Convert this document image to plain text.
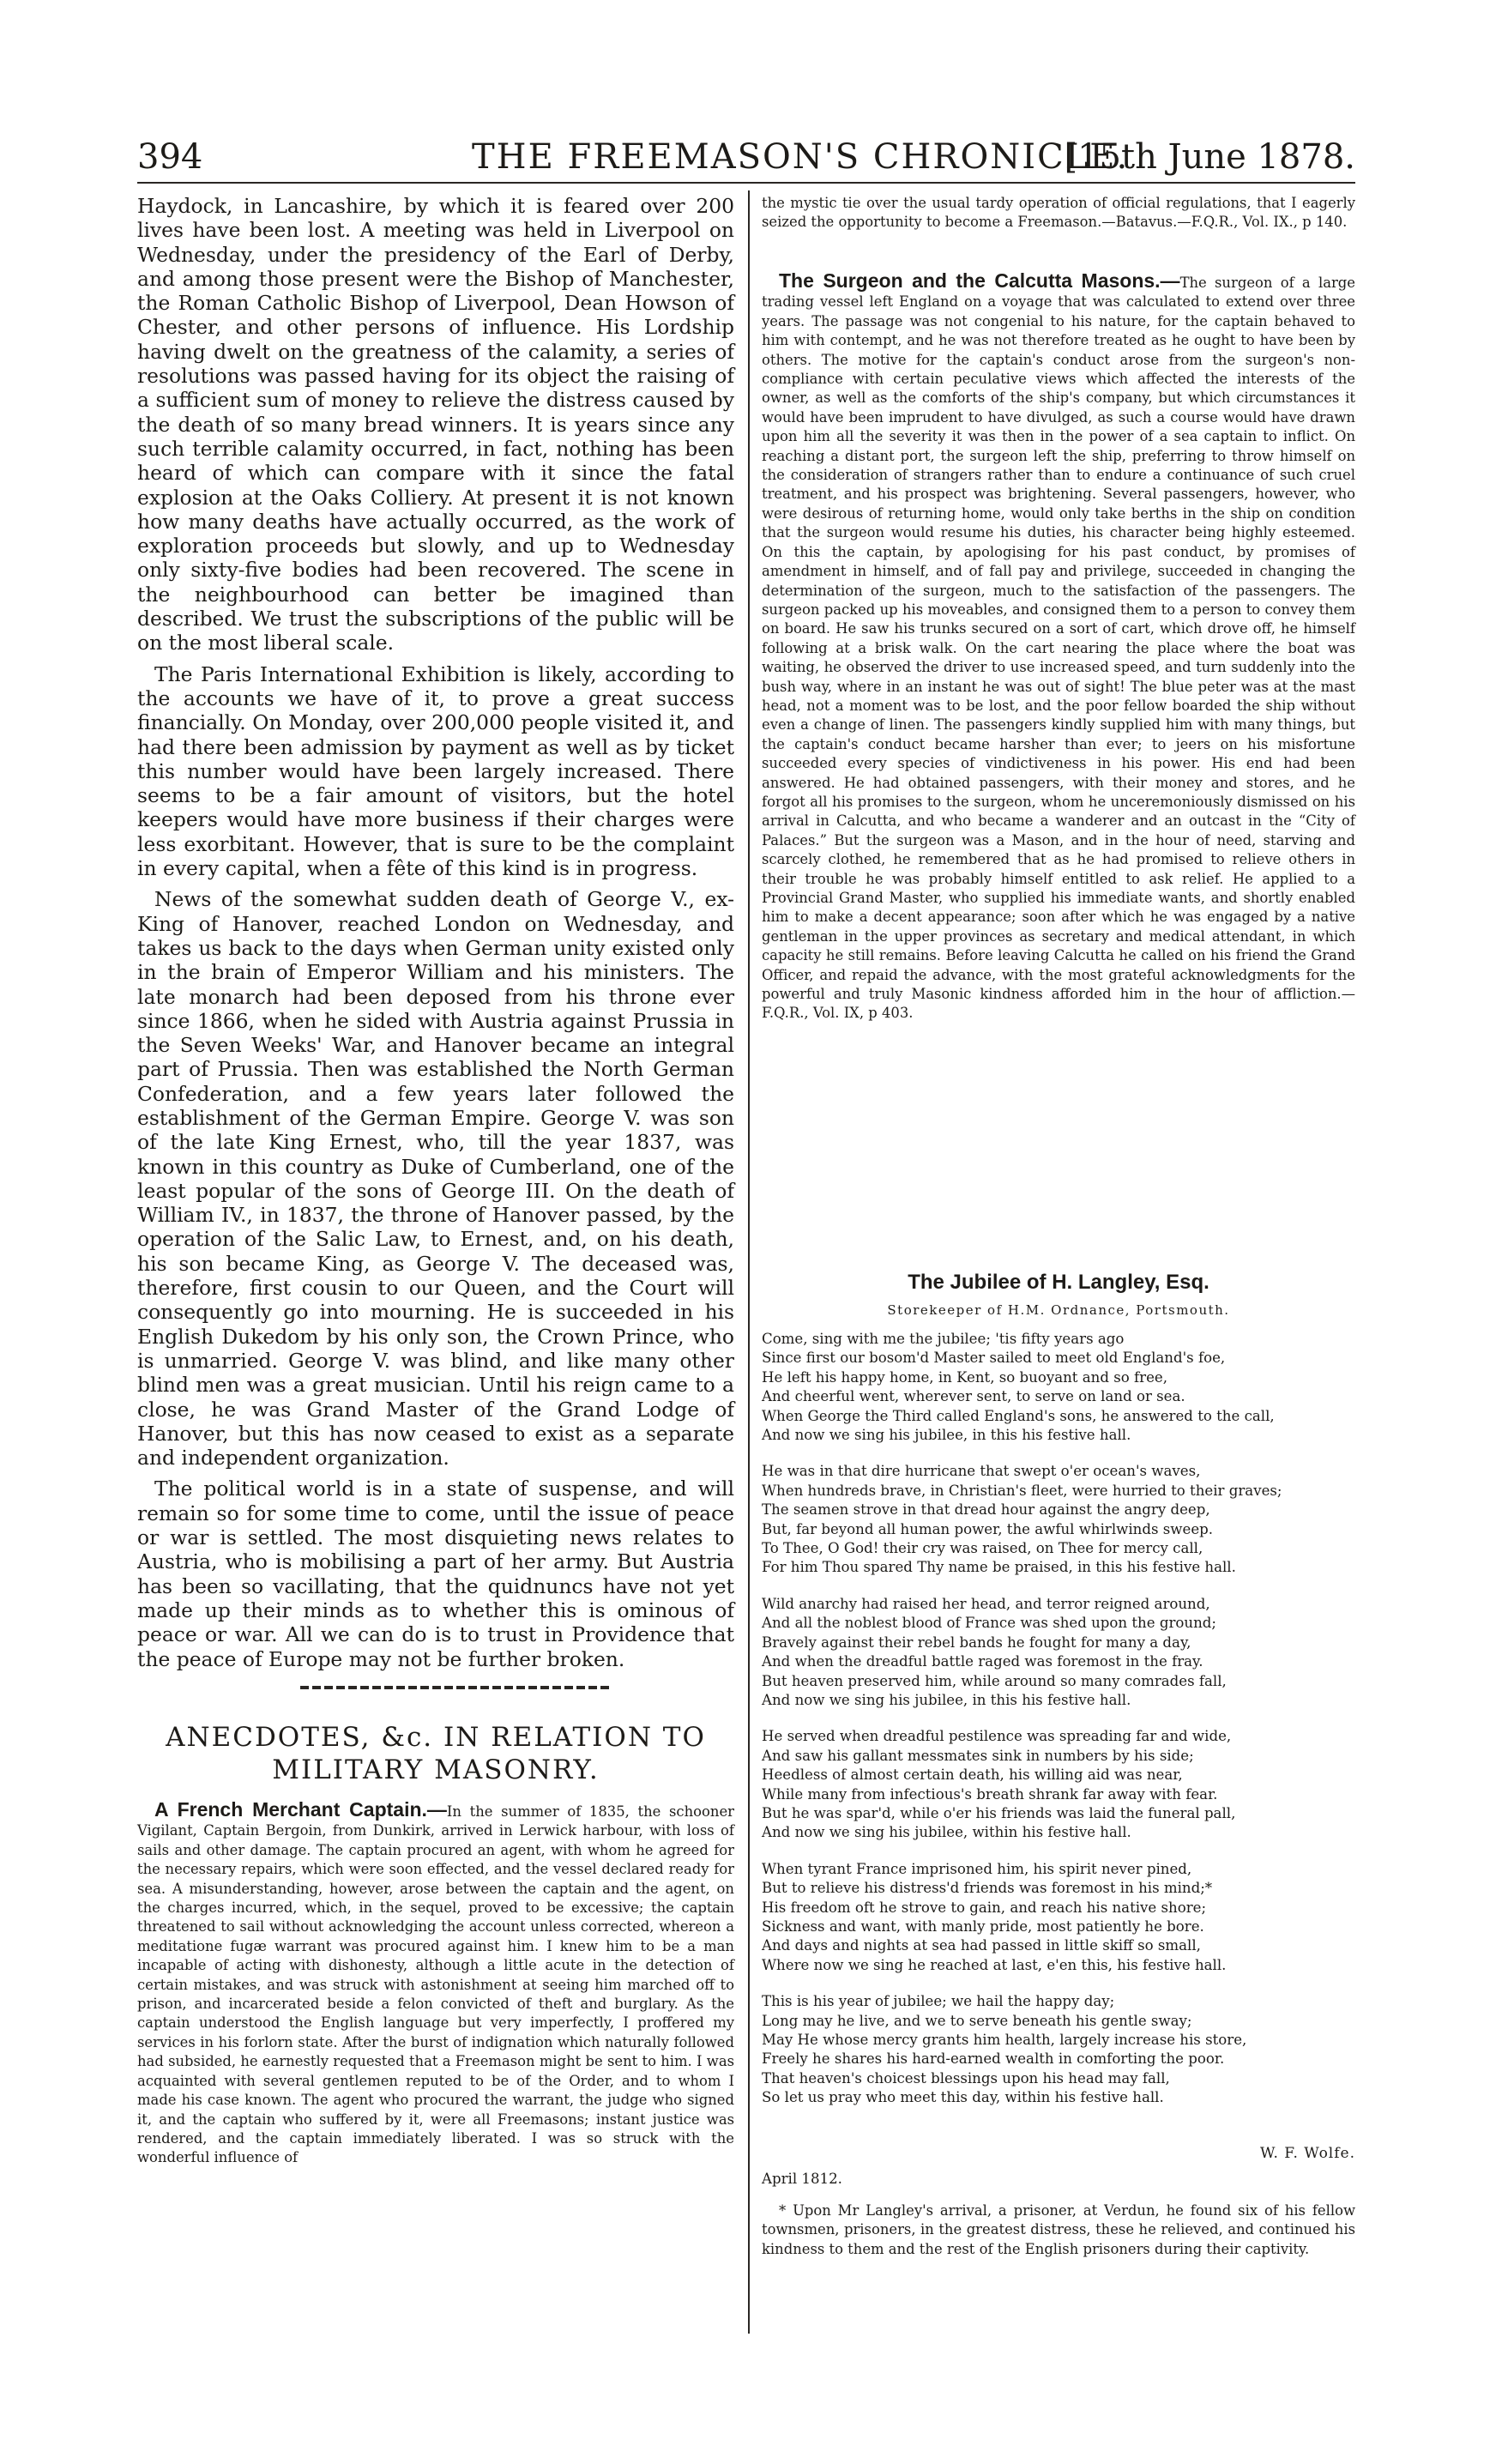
394	THE FREEMASON'S CHRONICLE.
[15th June 1878.

Haydock, in Lancashire, by which it is feared over 200 lives have been lost. A meeting was held in Liverpool on Wednesday, under the presidency of the Earl of Derby, and among those present were the Bishop of Manchester, the Roman Catholic Bishop of Liverpool, Dean Howson of Chester, and other persons of influence. His Lordship having dwelt on the greatness of the calamity, a series of resolutions was passed having for its object the raising of a sufficient sum of money to relieve the distress caused by the death of so many bread winners. It is years since any such terrible calamity occurred, in fact, nothing has been heard of which can compare with it since the fatal explosion at the Oaks Colliery. At present it is not known how many deaths have actually occurred, as the work of exploration proceeds but slowly, and up to Wednesday only sixty-five bodies had been recovered. The scene in the neighbourhood can better be imagined than described. We trust the subscriptions of the public will be on the most liberal scale.

The Paris International Exhibition is likely, according to the accounts we have of it, to prove a great success financially. On Monday, over 200,000 people visited it, and had there been admission by payment as well as by ticket this number would have been largely increased. There seems to be a fair amount of visitors, but the hotel keepers would have more business if their charges were less exorbitant. However, that is sure to be the complaint in every capital, when a fête of this kind is in progress.

News of the somewhat sudden death of George V., ex-King of Hanover, reached London on Wednesday, and takes us back to the days when German unity existed only in the brain of Emperor William and his ministers. The late monarch had been deposed from his throne ever since 1866, when he sided with Austria against Prussia in the Seven Weeks' War, and Hanover became an integral part of Prussia. Then was established the North German Confederation, and a few years later followed the establishment of the German Empire. George V. was son of the late King Ernest, who, till the year 1837, was known in this country as Duke of Cumberland, one of the least popular of the sons of George III. On the death of William IV., in 1837, the throne of Hanover passed, by the operation of the Salic Law, to Ernest, and, on his death, his son became King, as George V. The deceased was, therefore, first cousin to our Queen, and the Court will consequently go into mourning. He is succeeded in his English Dukedom by his only son, the Crown Prince, who is unmarried. George V. was blind, and like many other blind men was a great musician. Until his reign came to a close, he was Grand Master of the Grand Lodge of Hanover, but this has now ceased to exist as a separate and independent organization.

The political world is in a state of suspense, and will remain so for some time to come, until the issue of peace or war is settled. The most disquieting news relates to Austria, who is mobilising a part of her army. But Austria has been so vacillating, that the quidnuncs have not yet made up their minds as to whether this is ominous of peace or war. All we can do is to trust in Providence that the peace of Europe may not be further broken.

ANECDOTES, &c. IN RELATION TO MILITARY MASONRY.

A French Merchant Captain.—In the summer of 1835, the schooner Vigilant, Captain Bergoin, from Dunkirk, arrived in Lerwick harbour, with loss of sails and other damage. The captain procured an agent, with whom he agreed for the necessary repairs, which were soon effected, and the vessel declared ready for sea. A misunderstanding, however, arose between the captain and the agent, on the charges incurred, which, in the sequel, proved to be excessive; the captain threatened to sail without acknowledging the account unless corrected, whereon a meditatione fugæ warrant was procured against him. I knew him to be a man incapable of acting with dishonesty, although a little acute in the detection of certain mistakes, and was struck with astonishment at seeing him marched off to prison, and incarcerated beside a felon convicted of theft and burglary. As the captain understood the English language but very imperfectly, I proffered my services in his forlorn state. After the burst of indignation which naturally followed had subsided, he earnestly requested that a Freemason might be sent to him. I was acquainted with several gentlemen reputed to be of the Order, and to whom I made his case known. The agent who procured the warrant, the judge who signed it, and the captain who suffered by it, were all Freemasons; instant justice was rendered, and the captain immediately liberated. I was so struck with the wonderful influence of

the mystic tie over the usual tardy operation of official regulations, that I eagerly seized the opportunity to become a Freemason.—Batavus.—F.Q.R., Vol. IX., p 140.

The Surgeon and the Calcutta Masons.—The surgeon of a large trading vessel left England on a voyage that was calculated to extend over three years. The passage was not congenial to his nature, for the captain behaved to him with contempt, and he was not therefore treated as he ought to have been by others. The motive for the captain's conduct arose from the surgeon's non-compliance with certain peculative views which affected the interests of the owner, as well as the comforts of the ship's company, but which circumstances it would have been imprudent to have divulged, as such a course would have drawn upon him all the severity it was then in the power of a sea captain to inflict. On reaching a distant port, the surgeon left the ship, preferring to throw himself on the consideration of strangers rather than to endure a continuance of such cruel treatment, and his prospect was brightening. Several passengers, however, who were desirous of returning home, would only take berths in the ship on condition that the surgeon would resume his duties, his character being highly esteemed. On this the captain, by apologising for his past conduct, by promises of amendment in himself, and of fall pay and privilege, succeeded in changing the determination of the surgeon, much to the satisfaction of the passengers. The surgeon packed up his moveables, and consigned them to a person to convey them on board. He saw his trunks secured on a sort of cart, which drove off, he himself following at a brisk walk. On the cart nearing the place where the boat was waiting, he observed the driver to use increased speed, and turn suddenly into the bush way, where in an instant he was out of sight! The blue peter was at the mast head, not a moment was to be lost, and the poor fellow boarded the ship without even a change of linen. The passengers kindly supplied him with many things, but the captain's conduct became harsher than ever; to jeers on his misfortune succeeded every species of vindictiveness in his power. His end had been answered. He had obtained passengers, with their money and stores, and he forgot all his promises to the surgeon, whom he unceremoniously dismissed on his arrival in Calcutta, and who became a wanderer and an outcast in the “City of Palaces.” But the surgeon was a Mason, and in the hour of need, starving and scarcely clothed, he remembered that as he had promised to relieve others in their trouble he was probably himself entitled to ask relief. He applied to a Provincial Grand Master, who supplied his immediate wants, and shortly enabled him to make a decent appearance; soon after which he was engaged by a native gentleman in the upper provinces as secretary and medical attendant, in which capacity he still remains. Before leaving Calcutta he called on his friend the Grand Officer, and repaid the advance, with the most grateful acknowledgments for the powerful and truly Masonic kindness afforded him in the hour of affliction.—F.Q.R., Vol. IX, p 403.

The Jubilee of H. Langley, Esq.

Storekeeper of H.M. Ordnance, Portsmouth.

Come, sing with me the jubilee; 'tis fifty years ago
Since first our bosom'd Master sailed to meet old England's foe,
He left his happy home, in Kent, so buoyant and so free,
And cheerful went, wherever sent, to serve on land or sea.
When George the Third called England's sons, he answered to the call,
And now we sing his jubilee, in this his festive hall.
He was in that dire hurricane that swept o'er ocean's waves,
When hundreds brave, in Christian's fleet, were hurried to their graves;
The seamen strove in that dread hour against the angry deep,
But, far beyond all human power, the awful whirlwinds sweep.
To Thee, O God! their cry was raised, on Thee for mercy call,
For him Thou spared Thy name be praised, in this his festive hall.
Wild anarchy had raised her head, and terror reigned around,
And all the noblest blood of France was shed upon the ground;
Bravely against their rebel bands he fought for many a day,
And when the dreadful battle raged was foremost in the fray.
But heaven preserved him, while around so many comrades fall,
And now we sing his jubilee, in this his festive hall.
He served when dreadful pestilence was spreading far and wide,
And saw his gallant messmates sink in numbers by his side;
Heedless of almost certain death, his willing aid was near,
While many from infectious's breath shrank far away with fear.
But he was spar'd, while o'er his friends was laid the funeral pall,
And now we sing his jubilee, within his festive hall.
When tyrant France imprisoned him, his spirit never pined,
But to relieve his distress'd friends was foremost in his mind;*
His freedom oft he strove to gain, and reach his native shore;
Sickness and want, with manly pride, most patiently he bore.
And days and nights at sea had passed in little skiff so small,
Where now we sing he reached at last, e'en this, his festive hall.
This is his year of jubilee; we hail the happy day;
Long may he live, and we to serve beneath his gentle sway;
May He whose mercy grants him health, largely increase his store,
Freely he shares his hard-earned wealth in comforting the poor.
That heaven's choicest blessings upon his head may fall,
So let us pray who meet this day, within his festive hall.

W. F. Wolfe.

April 1812.

* Upon Mr Langley's arrival, a prisoner, at Verdun, he found six of his fellow townsmen, prisoners, in the greatest distress, these he relieved, and continued his kindness to them and the rest of the English prisoners during their captivity.
